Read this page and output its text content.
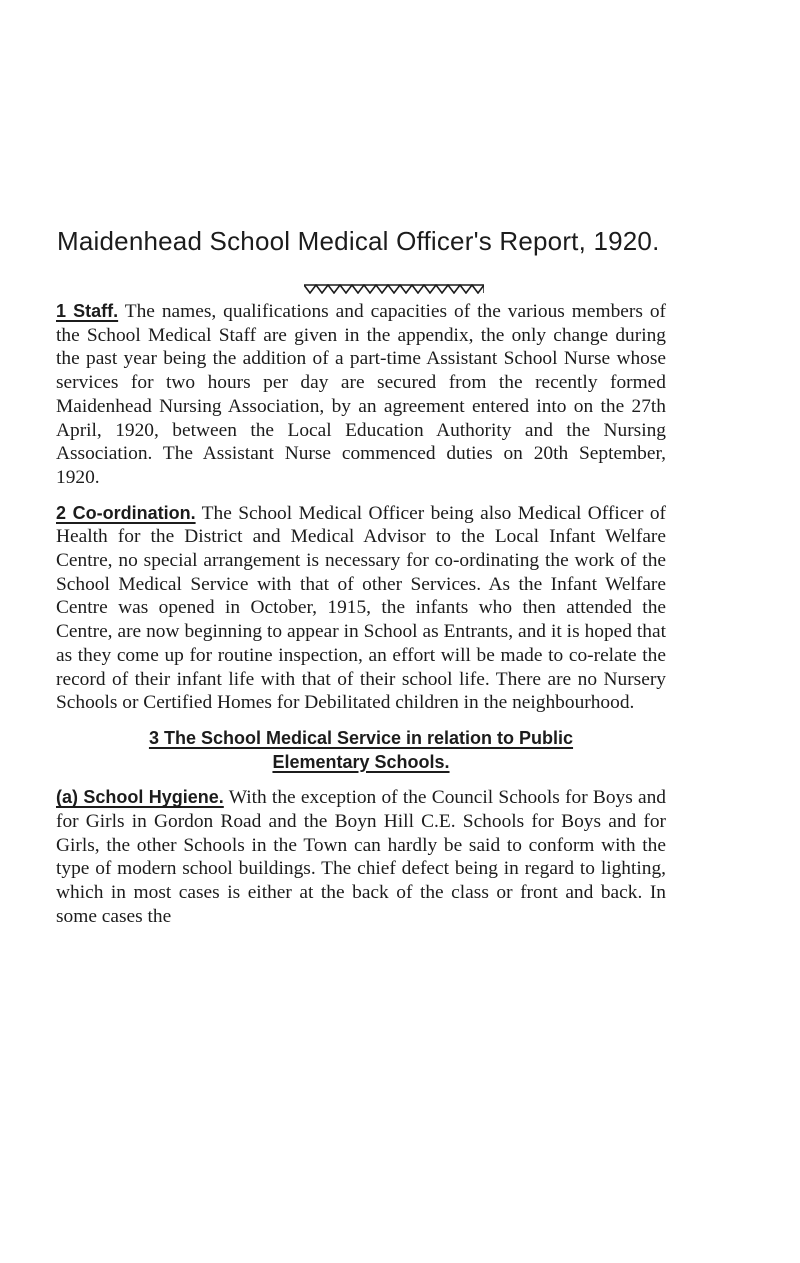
Maidenhead School Medical Officer's Report, 1920.

1 Staff. The names, qualifications and capacities of the various members of the School Medical Staff are given in the appendix, the only change during the past year being the addition of a part-time Assistant School Nurse whose services for two hours per day are secured from the recently formed Maidenhead Nursing Association, by an agreement entered into on the 27th April, 1920, between the Local Education Authority and the Nursing Association. The Assistant Nurse commenced duties on 20th September, 1920.

2 Co-ordination. The School Medical Officer being also Medical Officer of Health for the District and Medical Advisor to the Local Infant Welfare Centre, no special arrangement is necessary for co-ordinating the work of the School Medical Service with that of other Services. As the Infant Welfare Centre was opened in October, 1915, the infants who then attended the Centre, are now beginning to appear in School as Entrants, and it is hoped that as they come up for routine inspection, an effort will be made to co-relate the record of their infant life with that of their school life. There are no Nursery Schools or Certified Homes for Debilitated children in the neighbourhood.

3 The School Medical Service in relation to Public
Elementary Schools.

(a) School Hygiene. With the exception of the Council Schools for Boys and for Girls in Gordon Road and the Boyn Hill C.E. Schools for Boys and for Girls, the other Schools in the Town can hardly be said to conform with the type of modern school buildings. The chief defect being in regard to lighting, which in most cases is either at the back of the class or front and back. In some cases the
